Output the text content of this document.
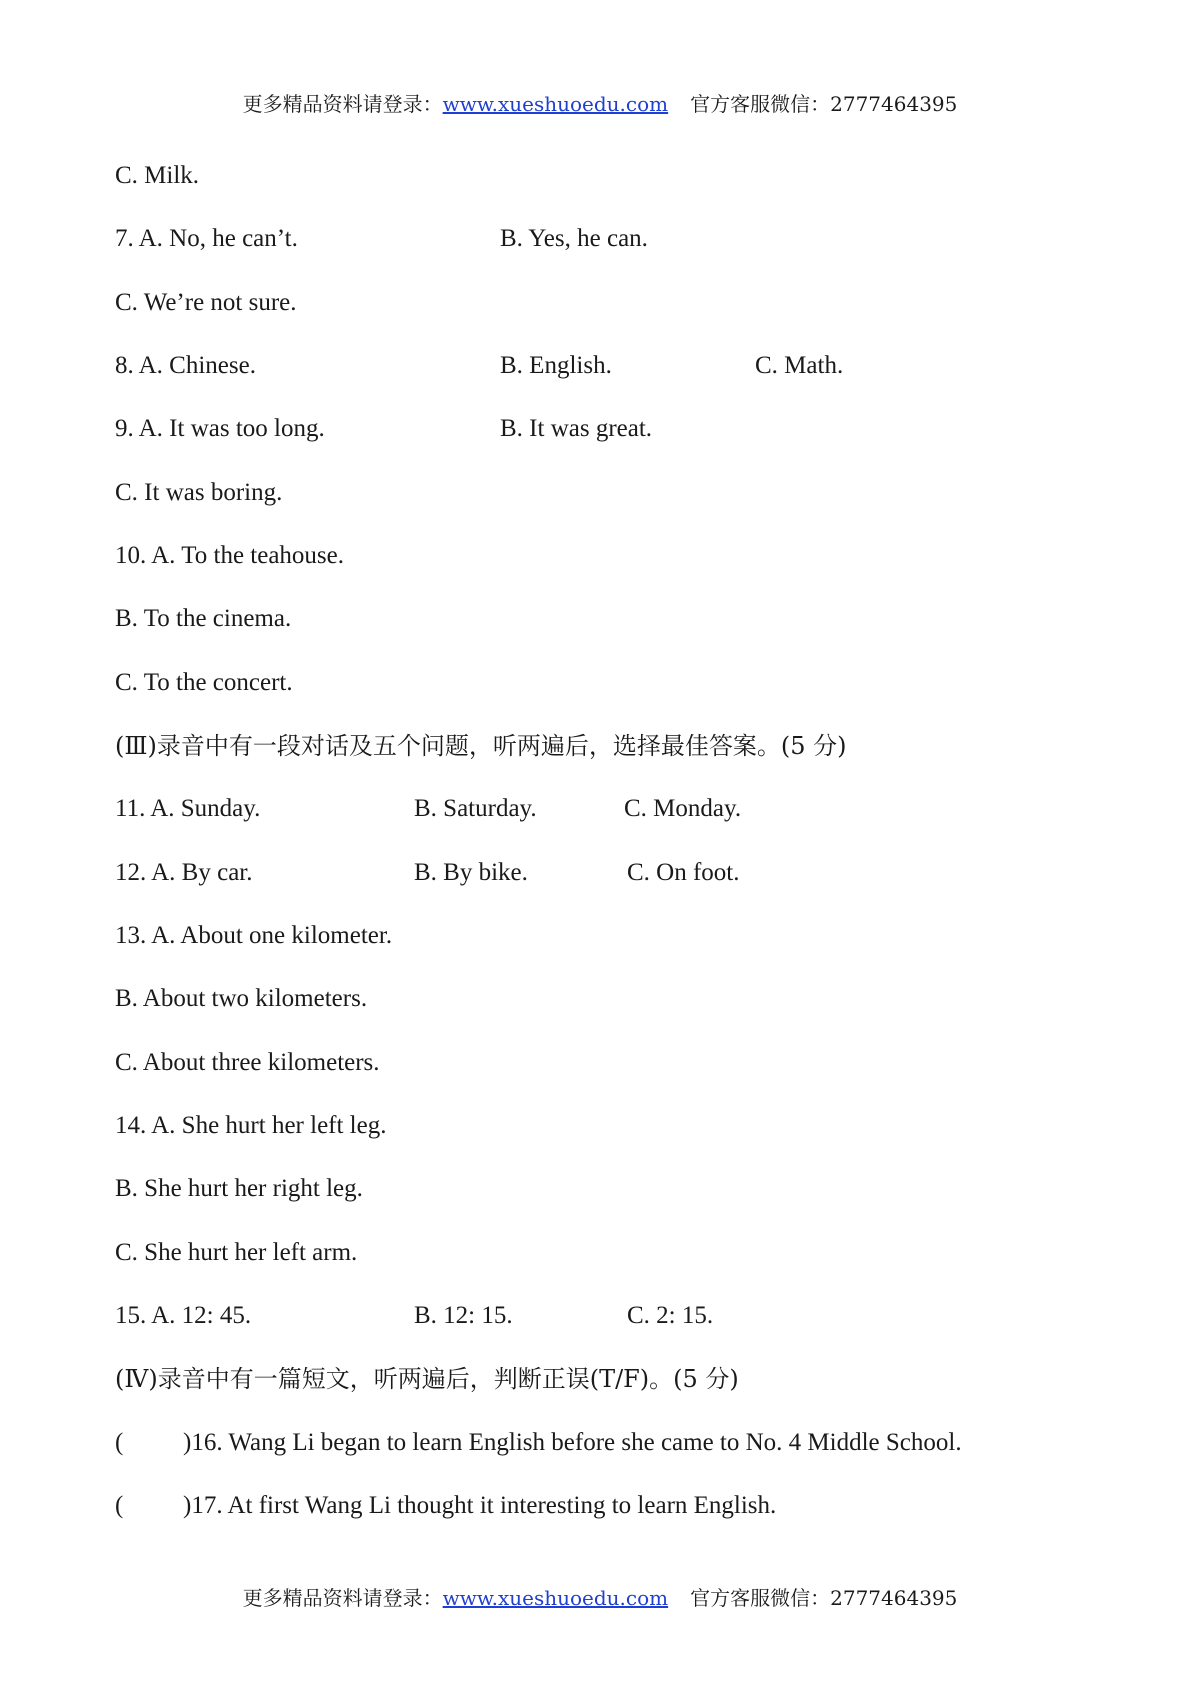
更多精品资料请登录：www.xueshuoedu.com 官方客服微信：2777464395
C. Milk.
7. A. No, he can’t.	B. Yes, he can.
C. We’re not sure.
8. A. Chinese.	B. English.	C. Math.
9. A. It was too long.	B. It was great.
C. It was boring.
10. A. To the teahouse.
B. To the cinema.
C. To the concert.
(Ⅲ)录音中有一段对话及五个问题，听两遍后，选择最佳答案。(5 分)
11. A. Sunday.	B. Saturday.	C. Monday.
12. A. By car.	B. By bike.	C. On foot.
13. A. About one kilometer.
B. About two kilometers.
C. About three kilometers.
14. A. She hurt her left leg.
B. She hurt her right leg.
C. She hurt her left arm.
15. A. 12: 45.	B. 12: 15.	C. 2: 15.
(Ⅳ)录音中有一篇短文，听两遍后，判断正误(T/F)。(5 分)
( )16. Wang Li began to learn English before she came to No. 4 Middle School.
( )17. At first Wang Li thought it interesting to learn English.
更多精品资料请登录：www.xueshuoedu.com 官方客服微信：2777464395
